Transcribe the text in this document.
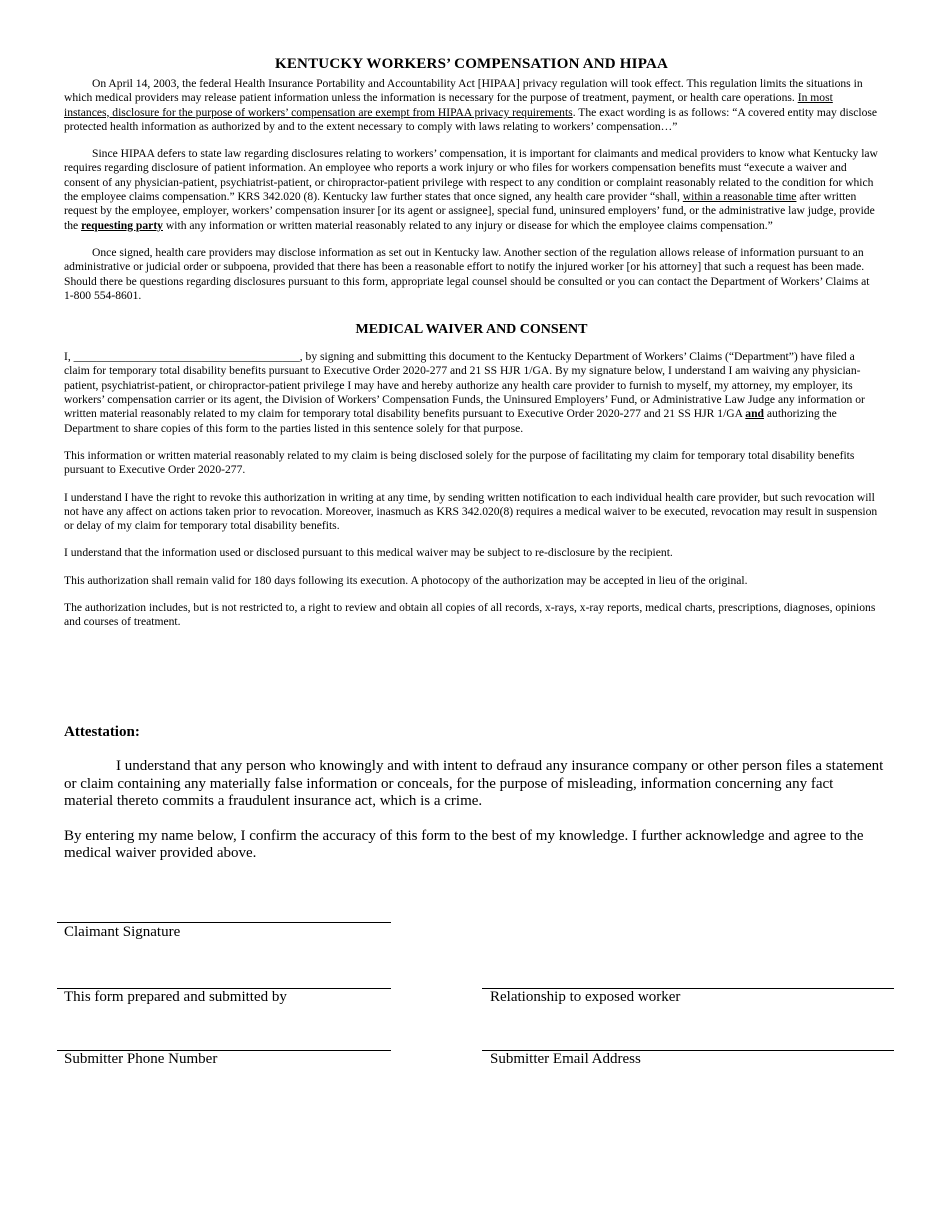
KENTUCKY WORKERS’ COMPENSATION AND HIPAA

On April 14, 2003, the federal Health Insurance Portability and Accountability Act [HIPAA] privacy regulation will took effect. This regulation limits the situations in which medical providers may release patient information unless the information is necessary for the purpose of treatment, payment, or health care operations. In most instances, disclosure for the purpose of workers’ compensation are exempt from HIPAA privacy requirements. The exact wording is as follows: “A covered entity may disclose protected health information as authorized by and to the extent necessary to comply with laws relating to workers’ compensation…”

Since HIPAA defers to state law regarding disclosures relating to workers’ compensation, it is important for claimants and medical providers to know what Kentucky law requires regarding disclosure of patient information. An employee who reports a work injury or who files for workers compensation benefits must “execute a waiver and consent of any physician-patient, psychiatrist-patient, or chiropractor-patient privilege with respect to any condition or complaint reasonably related to the condition for which the employee claims compensation.” KRS 342.020 (8). Kentucky law further states that once signed, any health care provider “shall, within a reasonable time after written request by the employee, employer, workers’ compensation insurer [or its agent or assignee], special fund, uninsured employers’ fund, or the administrative law judge, provide the requesting party with any information or written material reasonably related to any injury or disease for which the employee claims compensation.”

Once signed, health care providers may disclose information as set out in Kentucky law. Another section of the regulation allows release of information pursuant to an administrative or judicial order or subpoena, provided that there has been a reasonable effort to notify the injured worker [or his attorney] that such a request has been made. Should there be questions regarding disclosures pursuant to this form, appropriate legal counsel should be consulted or you can contact the Department of Workers’ Claims at 1-800 554-8601.

MEDICAL WAIVER AND CONSENT

I, _______________________________________, by signing and submitting this document to the Kentucky Department of Workers’ Claims (“Department”) have filed a claim for temporary total disability benefits pursuant to Executive Order 2020-277 and 21 SS HJR 1/GA. By my signature below, I understand I am waiving any physician-patient, psychiatrist-patient, or chiropractor-patient privilege I may have and hereby authorize any health care provider to furnish to myself, my attorney, my employer, its workers’ compensation carrier or its agent, the Division of Workers’ Compensation Funds, the Uninsured Employers’ Fund, or Administrative Law Judge any information or written material reasonably related to my claim for temporary total disability benefits pursuant to Executive Order 2020-277 and 21 SS HJR 1/GA and authorizing the Department to share copies of this form to the parties listed in this sentence solely for that purpose.

This information or written material reasonably related to my claim is being disclosed solely for the purpose of facilitating my claim for temporary total disability benefits pursuant to Executive Order 2020-277.

I understand I have the right to revoke this authorization in writing at any time, by sending written notification to each individual health care provider, but such revocation will not have any affect on actions taken prior to revocation. Moreover, inasmuch as KRS 342.020(8) requires a medical waiver to be executed, revocation may result in suspension or delay of my claim for temporary total disability benefits.

I understand that the information used or disclosed pursuant to this medical waiver may be subject to re-disclosure by the recipient.

This authorization shall remain valid for 180 days following its execution. A photocopy of the authorization may be accepted in lieu of the original.

The authorization includes, but is not restricted to, a right to review and obtain all copies of all records, x-rays, x-ray reports, medical charts, prescriptions, diagnoses, opinions and courses of treatment.

Attestation:

I understand that any person who knowingly and with intent to defraud any insurance company or other person files a statement or claim containing any materially false information or conceals, for the purpose of misleading, information concerning any fact material thereto commits a fraudulent insurance act, which is a crime.

By entering my name below, I confirm the accuracy of this form to the best of my knowledge. I further acknowledge and agree to the medical waiver provided above.

Claimant Signature
This form prepared and submitted by	Relationship to exposed worker
Submitter Phone Number	Submitter Email Address
